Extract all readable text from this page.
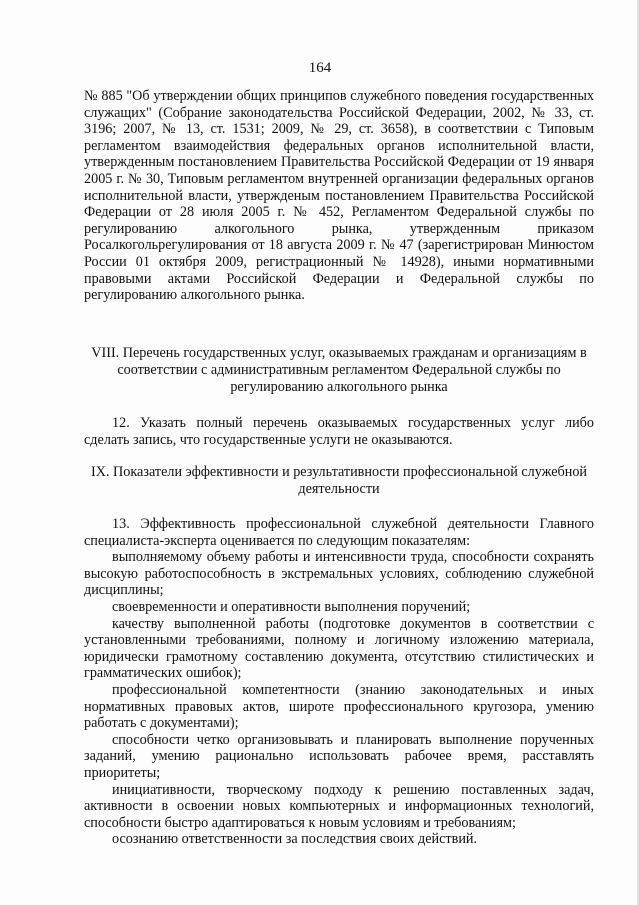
164

№ 885 "Об утверждении общих принципов служебного поведения государственных служащих" (Собрание законодательства Российской Федерации, 2002, № 33, ст. 3196; 2007, № 13, ст. 1531; 2009, № 29, ст. 3658), в соответствии с Типовым регламентом взаимодействия федеральных органов исполнительной власти, утвержденным постановлением Правительства Российской Федерации от 19 января 2005 г. № 30, Типовым регламентом внутренней организации федеральных органов исполнительной власти, утвержденым постановлением Правительства Российской Федерации от 28 июля 2005 г. № 452, Регламентом Федеральной службы по регулированию алкогольного рынка, утвержденным приказом Росалкогольрегулирования от 18 августа 2009 г. № 47 (зарегистрирован Минюстом России 01 октября 2009, регистрационный № 14928), иными нормативными правовыми актами Российской Федерации и Федеральной службы по регулированию алкогольного рынка.

VIII. Перечень государственных услуг, оказываемых гражданам и организациям в соответствии с административным регламентом Федеральной службы по регулированию алкогольного рынка

12. Указать полный перечень оказываемых государственных услуг либо сделать запись, что государственные услуги не оказываются.

IX. Показатели эффективности и результативности профессиональной служебной деятельности

13. Эффективность профессиональной служебной деятельности Главного специалиста-эксперта оценивается по следующим показателям:

выполняемому объему работы и интенсивности труда, способности сохранять высокую работоспособность в экстремальных условиях, соблюдению служебной дисциплины;

своевременности и оперативности выполнения поручений;

качеству выполненной работы (подготовке документов в соответствии с установленными требованиями, полному и логичному изложению материала, юридически грамотному составлению документа, отсутствию стилистических и грамматических ошибок);

профессиональной компетентности (знанию законодательных и иных нормативных правовых актов, широте профессионального кругозора, умению работать с документами);

способности четко организовывать и планировать выполнение порученных заданий, умению рационально использовать рабочее время, расставлять приоритеты;

инициативности, творческому подходу к решению поставленных задач, активности в освоении новых компьютерных и информационных технологий, способности быстро адаптироваться к новым условиям и требованиям;

осознанию ответственности за последствия своих действий.
